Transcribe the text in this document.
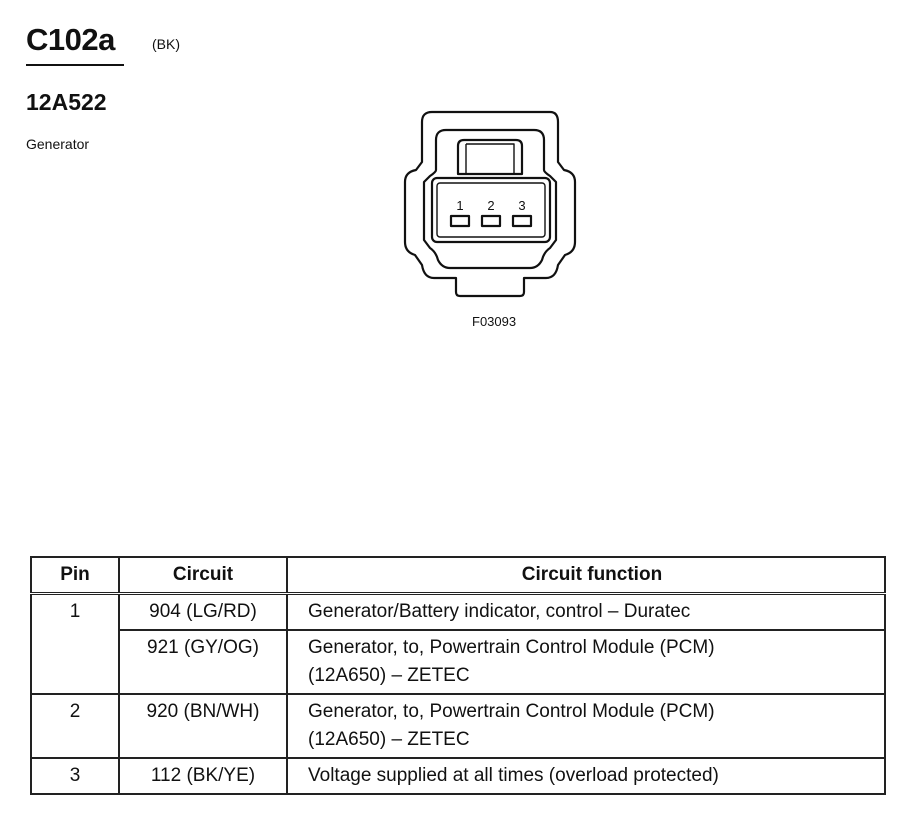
C102a	(BK)
12A522
Generator
1 2 3
F03093
Pin	Circuit	Circuit function
1	904 (LG/RD)	Generator/Battery indicator, control – Duratec

	921 (GY/OG)	Generator, to, Powertrain Control Module (PCM)
(12A650) – ZETEC

2	920 (BN/WH)	Generator, to, Powertrain Control Module (PCM)
(12A650) – ZETEC

3	112 (BK/YE)	Voltage supplied at all times (overload protected)
